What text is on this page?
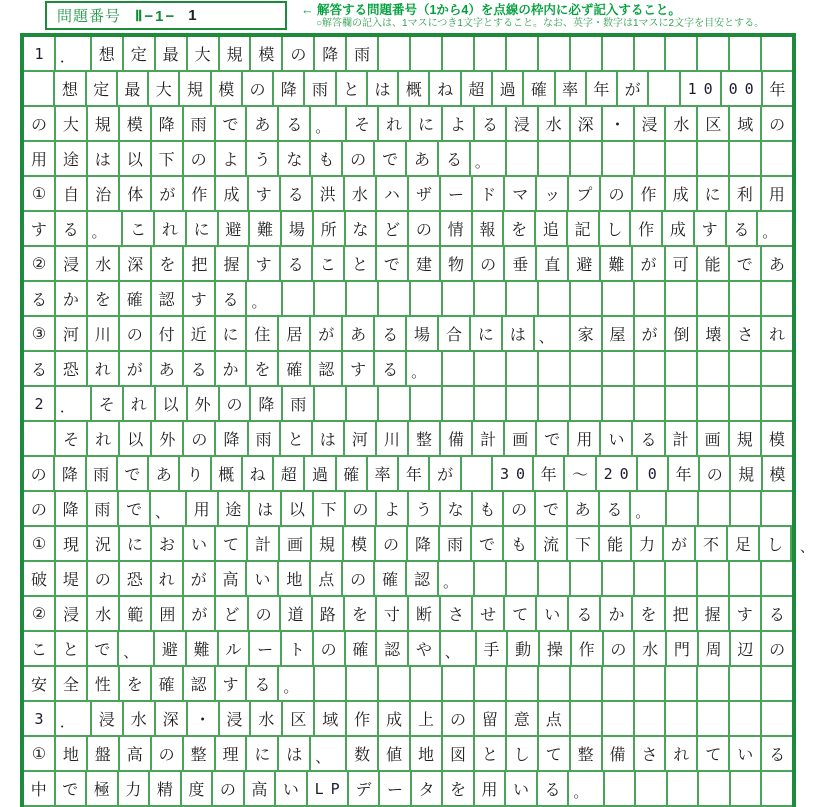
問題番号 Ⅱ−1− 1	← 解答する問題番号（1から4）を点線の枠内に必ず記入すること。
○解答欄の記入は、1マスにつき1文字とすること。なお、英字・数字は1マスに2文字を目安とする。
1 ．	想 定 最 大 規 模 の 降 雨
想 定 最 大 規 模 の 降 雨 と は 概 ね 超 過 確 率 年 が	10 00 年
の 大 規 模 降 雨 で あ る 。	そ れ に よ る 浸 水 深 ・ 浸 水 区 域 の
用 途 は 以 下 の よ う な も の で あ る 。
①	自	治	体	が	作	成	す	る	洪	水	ハ	ザ	ー	ド	マ	ッ	プ	の	作	成	に	利	用
す る 。	こ れ に 避 難 場 所 な ど の 情 報 を 追 記 し 作 成 す る 。
②	浸	水	深	を	把	握	す	る	こ	と	で	建	物	の	垂	直	避	難	が	可	能	で	あ
る か を 確 認 す る 。
③	河 川 の 付 近 に 住 居 が あ る 場 合 に は 、	家 屋 が 倒 壊 さ れ
る 恐 れ が あ る か を 確 認 す る 。
2 ．	そ れ 以 外 の 降 雨
そ	れ	以	外	の	降	雨	と	は	河	川	整	備	計	画	で	用	い	る	計	画	規	模
の 降 雨 で あ り 概 ね 超 過 確 率 年 が	30 年 ～	20 0 年 の 規 模
の 降 雨 で 、	用 途 は 以 下 の よ う な も の で あ る 。
①	現 況 に お い て 計 画 規 模 の 降 雨 で も 流 下 能 力 が 不 足 し	、
破 堤 の 恐 れ が 高 い 地 点 の 確 認 。
②	浸	水	範	囲	が	ど	の	道	路	を	寸	断	さ	せ	て	い	る	か	を	把	握	す	る
こ と で 、	避 難 ル ー ト の 確 認 や 、	手 動 操 作 の 水 門 周 辺 の
安 全 性 を 確 認 す る 。
3 ．	浸 水 深 ・ 浸 水 区 域 作 成 上 の 留 意 点
①	地 盤 高 の 整 理 に は 、	数 値 地 図 と し て 整 備 さ れ て い る
中 で 極 力 精 度 の 高 い	LP デ ー タ を 用 い る 。
